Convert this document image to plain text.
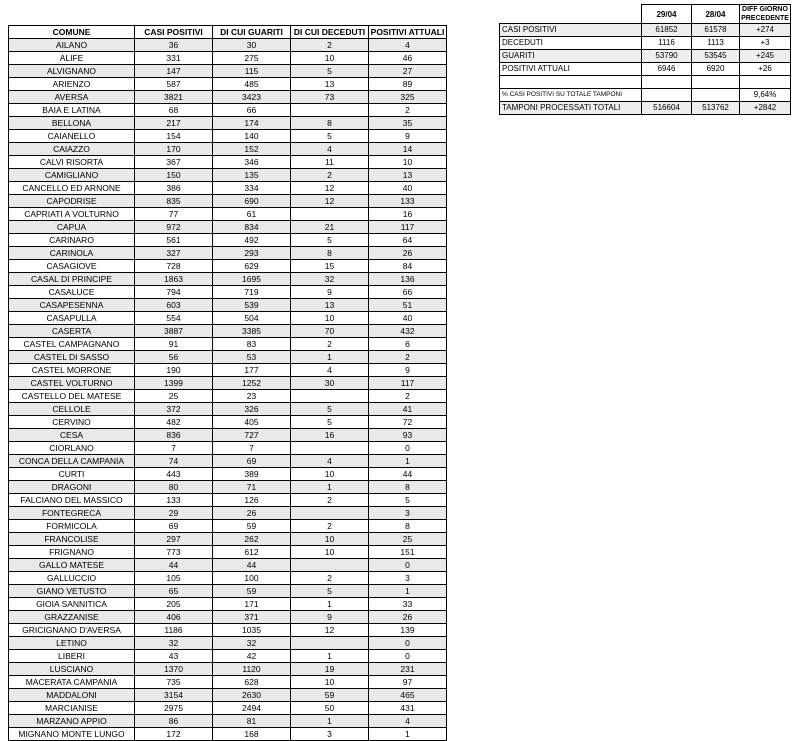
COMUNE	CASI POSITIVI	DI CUI GUARITI	DI CUI DECEDUTI	POSITIVI ATTUALI
AILANO	36	30	2	4
ALIFE	331	275	10	46
ALVIGNANO	147	115	5	27
ARIENZO	587	485	13	89
AVERSA	3821	3423	73	325
BAIA E LATINA	68	66		2
BELLONA	217	174	8	35
CAIANELLO	154	140	5	9
CAIAZZO	170	152	4	14
CALVI RISORTA	367	346	11	10
CAMIGLIANO	150	135	2	13
CANCELLO ED ARNONE	386	334	12	40
CAPODRISE	835	690	12	133
CAPRIATI A VOLTURNO	77	61		16
CAPUA	972	834	21	117
CARINARO	561	492	5	64
CARINOLA	327	293	8	26
CASAGIOVE	728	629	15	84
CASAL DI PRINCIPE	1863	1695	32	136
CASALUCE	794	719	9	66
CASAPESENNA	603	539	13	51
CASAPULLA	554	504	10	40
CASERTA	3887	3385	70	432
CASTEL CAMPAGNANO	91	83	2	6
CASTEL DI SASSO	56	53	1	2
CASTEL MORRONE	190	177	4	9
CASTEL VOLTURNO	1399	1252	30	117
CASTELLO DEL MATESE	25	23		2
CELLOLE	372	326	5	41
CERVINO	482	405	5	72
CESA	836	727	16	93
CIORLANO	7	7		0
CONCA DELLA CAMPANIA	74	69	4	1
CURTI	443	389	10	44
DRAGONI	80	71	1	8
FALCIANO DEL MASSICO	133	126	2	5
FONTEGRECA	29	26		3
FORMICOLA	69	59	2	8
FRANCOLISE	297	262	10	25
FRIGNANO	773	612	10	151
GALLO MATESE	44	44		0
GALLUCCIO	105	100	2	3
GIANO VETUSTO	65	59	5	1
GIOIA SANNITICA	205	171	1	33
GRAZZANISE	406	371	9	26
GRICIGNANO D'AVERSA	1186	1035	12	139
LETINO	32	32		0
LIBERI	43	42	1	0
LUSCIANO	1370	1120	19	231
MACERATA CAMPANIA	735	628	10	97
MADDALONI	3154	2630	59	465
MARCIANISE	2975	2494	50	431
MARZANO APPIO	86	81	1	4
MIGNANO MONTE LUNGO	172	168	3	1
	29/04	28/04	DIFF GIORNO PRECEDENTE
CASI POSITIVI	61852	61578	+274
DECEDUTI	1116	1113	+3
GUARITI	53790	53545	+245
POSITIVI ATTUALI	6946	6920	+26

% CASI POSITIVI SU TOTALE TAMPONI			9,64%
TAMPONI PROCESSATI TOTALI	516604	513762	+2842
